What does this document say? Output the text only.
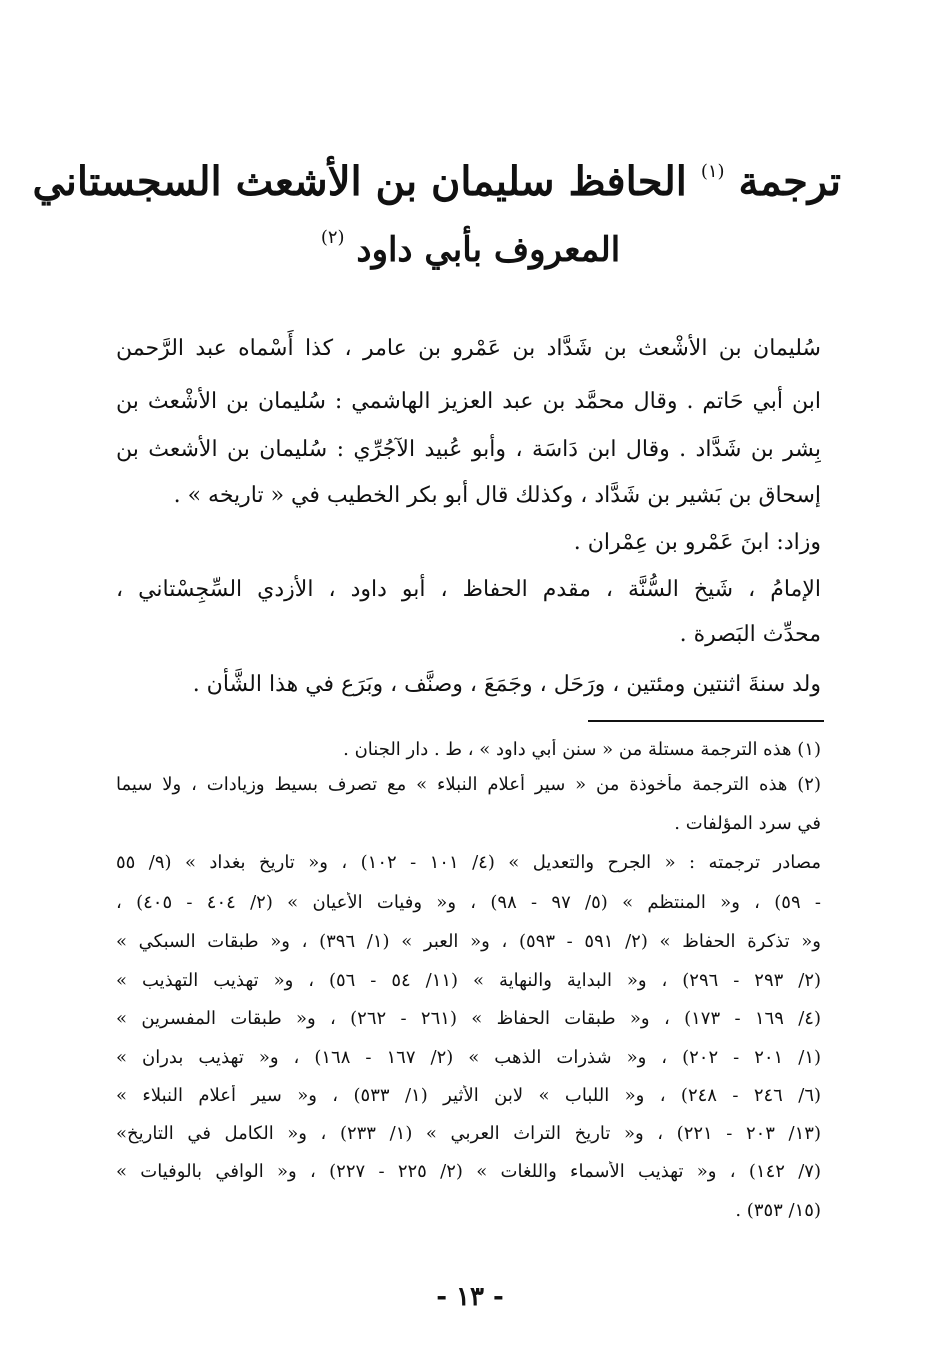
ترجمة $^{(١)}$ الحافظ سليمان بن الأشعث السجستاني
المعروف بأبي داود $^{(٢)}$
سُليمان بن الأشْعث بن شَدَّاد بن عَمْرو بن عامر ، كذا أَسْماه عبد الرَّحمن
ابن أبي حَاتم . وقال محمَّد بن عبد العزيز الهاشمي : سُليمان بن الأشْعث بن
بِشر بن شَدَّاد . وقال ابن دَاسَة ، وأبو عُبيد الآجُرِّي : سُليمان بن الأشعث بن
إسحاق بن بَشير بن شَدَّاد ، وكذلك قال أبو بكر الخطيب في « تاريخه » .
وزاد: ابنَ عَمْرو بن عِمْران .
الإمامُ ، شَيخ السُّنَّة ، مقدم الحفاظ ، أبو داود ، الأزدي السِّجِسْتاني ،
محدِّث البَصرة .
ولد سنةَ اثنتين ومئتين ، ورَحَل ، وجَمَعَ ، وصنَّف ، وبَرَع في هذا الشَّأن .
(١) هذه الترجمة مستلة من « سنن أبي داود » ، ط . دار الجنان .
(٢) هذه الترجمة مأخوذة من « سير أعلام النبلاء » مع تصرف بسيط وزيادات ، ولا سيما
في سرد المؤلفات .
مصادر ترجمته : « الجرح والتعديل » (٤/ ١٠١ - ١٠٢) ، و« تاريخ بغداد » (٩/ ٥٥
- ٥٩) ، و« المنتظم » (٥/ ٩٧ - ٩٨) ، و« وفيات الأعيان » (٢/ ٤٠٤ - ٤٠٥) ،
و« تذكرة الحفاظ » (٢/ ٥٩١ - ٥٩٣) ، و« العبر » (١/ ٣٩٦) ، و« طبقات السبكي »
(٢/ ٢٩٣ - ٢٩٦) ، و« البداية والنهاية » (١١/ ٥٤ - ٥٦) ، و« تهذيب التهذيب »
(٤/ ١٦٩ - ١٧٣) ، و« طبقات الحفاظ » (٢٦١ - ٢٦٢) ، و« طبقات المفسرين »
(١/ ٢٠١ - ٢٠٢) ، و« شذرات الذهب » (٢/ ١٦٧ - ١٦٨) ، و« تهذيب بدران »
(٦/ ٢٤٦ - ٢٤٨) ، و« اللباب » لابن الأثير (١/ ٥٣٣) ، و« سير أعلام النبلاء »
(١٣/ ٢٠٣ - ٢٢١) ، و« تاريخ التراث العربي » (١/ ٢٣٣) ، و« الكامل في التاريخ»
(٧/ ١٤٢) ، و« تهذيب الأسماء واللغات » (٢/ ٢٢٥ - ٢٢٧) ، و« الوافي بالوفيات »
(١٥/ ٣٥٣) .
- ١٣ -
